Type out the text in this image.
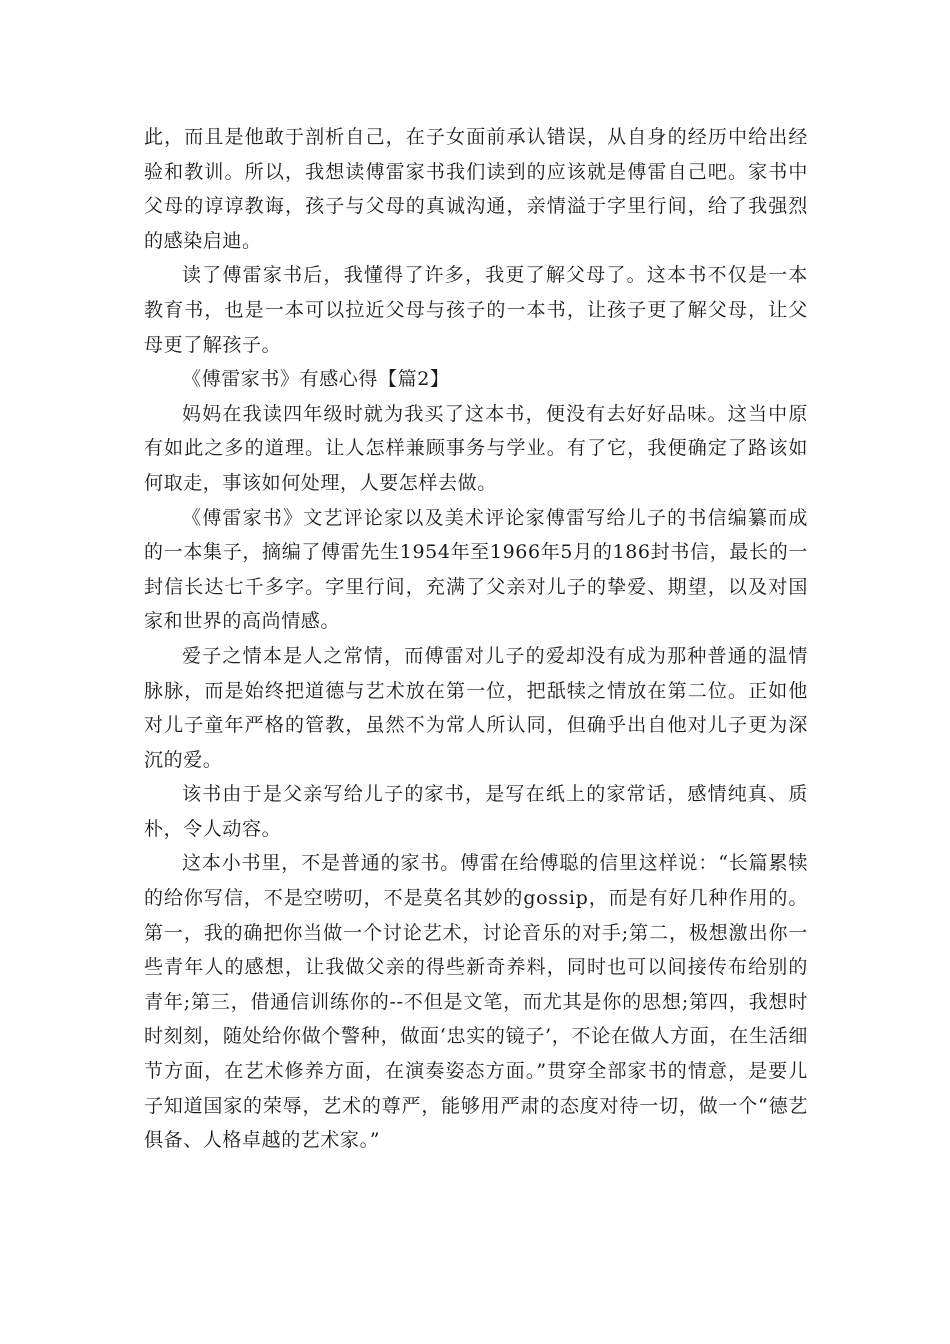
此，而且是他敢于剖析自己，在子女面前承认错误，从自身的经历中给出经验和教训。所以，我想读傅雷家书我们读到的应该就是傅雷自己吧。家书中父母的谆谆教诲，孩子与父母的真诚沟通，亲情溢于字里行间，给了我强烈的感染启迪。

读了傅雷家书后，我懂得了许多，我更了解父母了。这本书不仅是一本教育书，也是一本可以拉近父母与孩子的一本书，让孩子更了解父母，让父母更了解孩子。

《傅雷家书》有感心得【篇2】

妈妈在我读四年级时就为我买了这本书，便没有去好好品味。这当中原有如此之多的道理。让人怎样兼顾事务与学业。有了它，我便确定了路该如何取走，事该如何处理，人要怎样去做。

《傅雷家书》文艺评论家以及美术评论家傅雷写给儿子的书信编纂而成的一本集子，摘编了傅雷先生1954年至1966年5月的186封书信，最长的一封信长达七千多字。字里行间，充满了父亲对儿子的挚爱、期望，以及对国家和世界的高尚情感。

爱子之情本是人之常情，而傅雷对儿子的爱却没有成为那种普通的温情脉脉，而是始终把道德与艺术放在第一位，把舐犊之情放在第二位。正如他对儿子童年严格的管教，虽然不为常人所认同，但确乎出自他对儿子更为深沉的爱。

该书由于是父亲写给儿子的家书，是写在纸上的家常话，感情纯真、质朴，令人动容。

这本小书里，不是普通的家书。傅雷在给傅聪的信里这样说：“长篇累犊的给你写信，不是空唠叨，不是莫名其妙的gossip，而是有好几种作用的。第一，我的确把你当做一个讨论艺术，讨论音乐的对手;第二，极想激出你一些青年人的感想，让我做父亲的得些新奇养料，同时也可以间接传布给别的青年;第三，借通信训练你的--不但是文笔，而尤其是你的思想;第四，我想时时刻刻，随处给你做个警种，做面‘忠实的镜子’，不论在做人方面，在生活细节方面，在艺术修养方面，在演奏姿态方面。”贯穿全部家书的情意，是要儿子知道国家的荣辱，艺术的尊严，能够用严肃的态度对待一切，做一个“德艺俱备、人格卓越的艺术家。”
